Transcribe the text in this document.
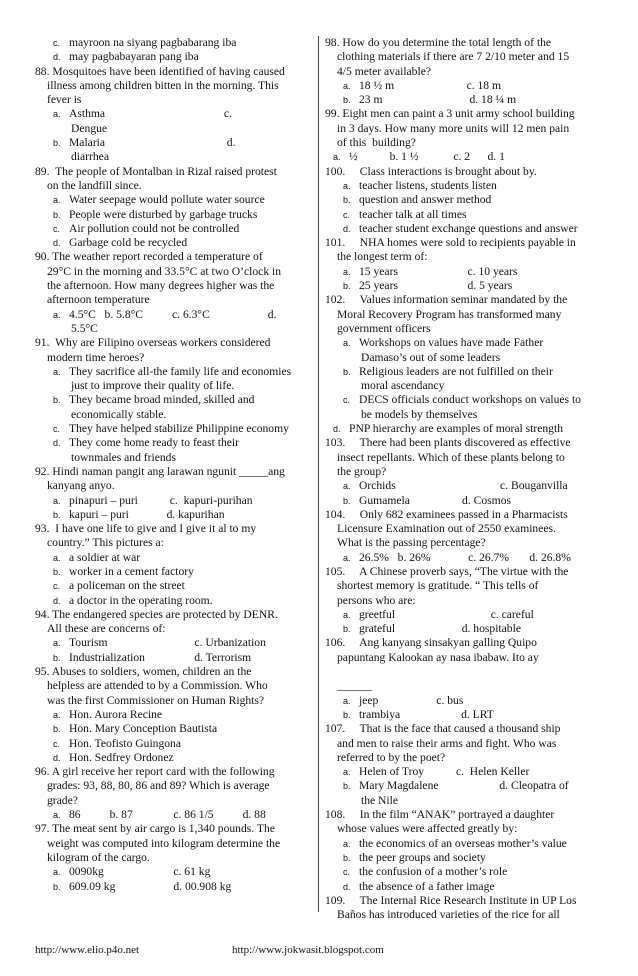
c. mayroon na siyang pagbabarang iba
d. may pagbabayaran pang iba
88. Mosquitoes have been identified of having caused
illness among children bitten in the morning. This
fever is
a. Asthma                                         c.
Dengue
b. Malaria                                          d.
diarrhea
89.  The people of Montalban in Rizal raised protest
on the landfill since.
a. Water seepage would pollute water source
b. People were disturbed by garbage trucks
c. Air pollution could not be controlled
d. Garbage cold be recycled
90. The weather report recorded a temperature of
29°C in the morning and 33.5°C at two O’clock in
the afternoon. How many degrees higher was the
afternoon temperature
a. 4.5°C   b. 5.8°C          c. 6.3°C                    d.
5.5°C
91.  Why are Filipino overseas workers considered
modern time heroes?
a. They sacrifice all-the family life and economies
just to improve their quality of life.
b. They became broad minded, skilled and
economically stable.
c. They have helped stabilize Philippine economy
d. They come home ready to feast their
townmales and friends
92. Hindi naman pangit ang larawan ngunit _____ang
kanyang anyo.
a. pinapuri – puri           c.  kapuri-purihan
b. kapuri – puri             d. kapurihan
93.  I have one life to give and I give it al to my
country.” This pictures a:
a. a soldier at war
b. worker in a cement factory
c. a policeman on the street
d. a doctor in the operating room.
94. The endangered species are protected by DENR.
All these are concerns of:
a. Tourism                              c. Urbanization
b. Industrialization                 d. Terrorism
95. Abuses to soldiers, women, children an the
helpless are attended to by a Commission. Who
was the first Commissioner on Human Rights?
a. Hon. Aurora Recine
b. Hon. Mary Conception Bautista
c. Hon. Teofisto Guingona
d. Hon. Sedfrey Ordonez
96. A girl receive her report card with the following
grades: 93, 88, 80, 86 and 89? Which is average
grade?
a. 86          b. 87              c. 86 1/5          d. 88
97. The meat sent by air cargo is 1,340 pounds. The
weight was computed into kilogram determine the
kilogram of the cargo.
a. 0090kg                        c. 61 kg
b. 609.09 kg                    d. 00.908 kg
98. How do you determine the total length of the
clothing materials if there are 7 2/10 meter and 15
4/5 meter available?
a. 18 ½ m                         c. 18 m
b. 23 m                              d. 18 ¼ m
99. Eight men can paint a 3 unit army school building
in 3 days. How many more units will 12 men pain
of this  building?
a. ½           b. 1 ½            c. 2      d. 1
100.     Class interactions is brought about by.
a. teacher listens, students listen
b. question and answer method
c. teacher talk at all times
d. teacher student exchange questions and answer
101.     NHA homes were sold to recipients payable in
the longest term of:
a. 15 years                        c. 10 years
b. 25 years                        d. 5 years
102.     Values information seminar mandated by the
Moral Recovery Program has transformed many
government officers
a. Workshops on values have made Father
Damaso’s out of some leaders
b. Religious leaders are not fulfilled on their
moral ascendancy
c. DECS officials conduct workshops on values to
be models by themselves
d. PNP hierarchy are examples of moral strength
103.     There had been plants discovered as effective
insect repellants. Which of these plants belong to
the group?
a. Orchids                                    c. Bouganvilla
b. Gumamela                  d. Cosmos
104.     Only 682 examinees passed in a Pharmacists
Licensure Examination out of 2550 examinees.
What is the passing percentage?
a. 26.5%   b. 26%             c. 26.7%       d. 26.8%
105.     A Chinese proverb says, “The virtue with the
shortest memory is gratitude. “ This tells of
persons who are:
a. greetful                                 c. careful
b. grateful                       d. hospitable
106.     Ang kanyang sinsakyan galling Quipo
papuntang Kalookan ay nasa ibabaw. Ito ay
______
a. jeep                    c. bus
b. trambiya                     d. LRT
107.     That is the face that caused a thousand ship
and men to raise their arms and fight. Who was
referred to by the poet?
a. Helen of Troy           c.  Helen Keller
b. Mary Magdalene                     d. Cleopatra of
the Nile
108.     In the film “ANAK” portrayed a daughter
whose values were affected greatly by:
a. the economics of an overseas mother’s value
b. the peer groups and society
c. the confusion of a mother’s role
d. the absence of a father image
109.     The Internal Rice Research Institute in UP Los
Baños has introduced varieties of the rice for all
http://www.elio.p4o.net	http://www.jokwasit.blogspot.com
